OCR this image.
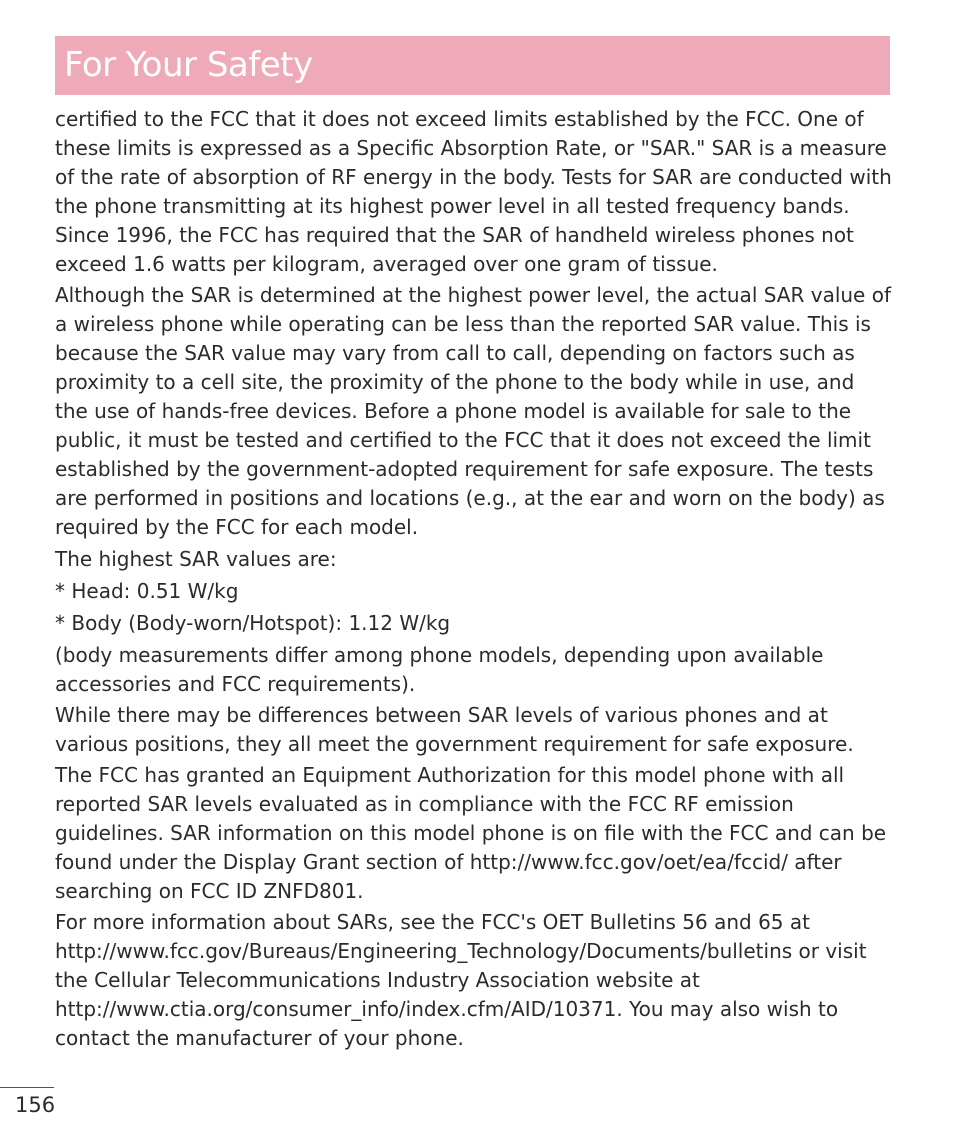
For Your Safety

certified to the FCC that it does not exceed limits established by the FCC. One of these limits is expressed as a Specific Absorption Rate, or "SAR." SAR is a measure of the rate of absorption of RF energy in the body. Tests for SAR are conducted with the phone transmitting at its highest power level in all tested frequency bands. Since 1996, the FCC has required that the SAR of handheld wireless phones not exceed 1.6 watts per kilogram, averaged over one gram of tissue.

Although the SAR is determined at the highest power level, the actual SAR value of a wireless phone while operating can be less than the reported SAR value. This is because the SAR value may vary from call to call, depending on factors such as proximity to a cell site, the proximity of the phone to the body while in use, and the use of hands-free devices. Before a phone model is available for sale to the public, it must be tested and certified to the FCC that it does not exceed the limit established by the government-adopted requirement for safe exposure. The tests are performed in positions and locations (e.g., at the ear and worn on the body) as required by the FCC for each model.

The highest SAR values are:

* Head: 0.51 W/kg

* Body (Body-worn/Hotspot): 1.12 W/kg

(body measurements differ among phone models, depending upon available accessories and FCC requirements).

While there may be differences between SAR levels of various phones and at various positions, they all meet the government requirement for safe exposure.

The FCC has granted an Equipment Authorization for this model phone with all reported SAR levels evaluated as in compliance with the FCC RF emission guidelines. SAR information on this model phone is on file with the FCC and can be found under the Display Grant section of http://www.fcc.gov/oet/ea/fccid/ after searching on FCC ID ZNFD801.

For more information about SARs, see the FCC's OET Bulletins 56 and 65 at http://www.fcc.gov/Bureaus/Engineering_Technology/Documents/bulletins or visit the Cellular Telecommunications Industry Association website at http://www.ctia.org/consumer_info/index.cfm/AID/10371. You may also wish to contact the manufacturer of your phone.

156
